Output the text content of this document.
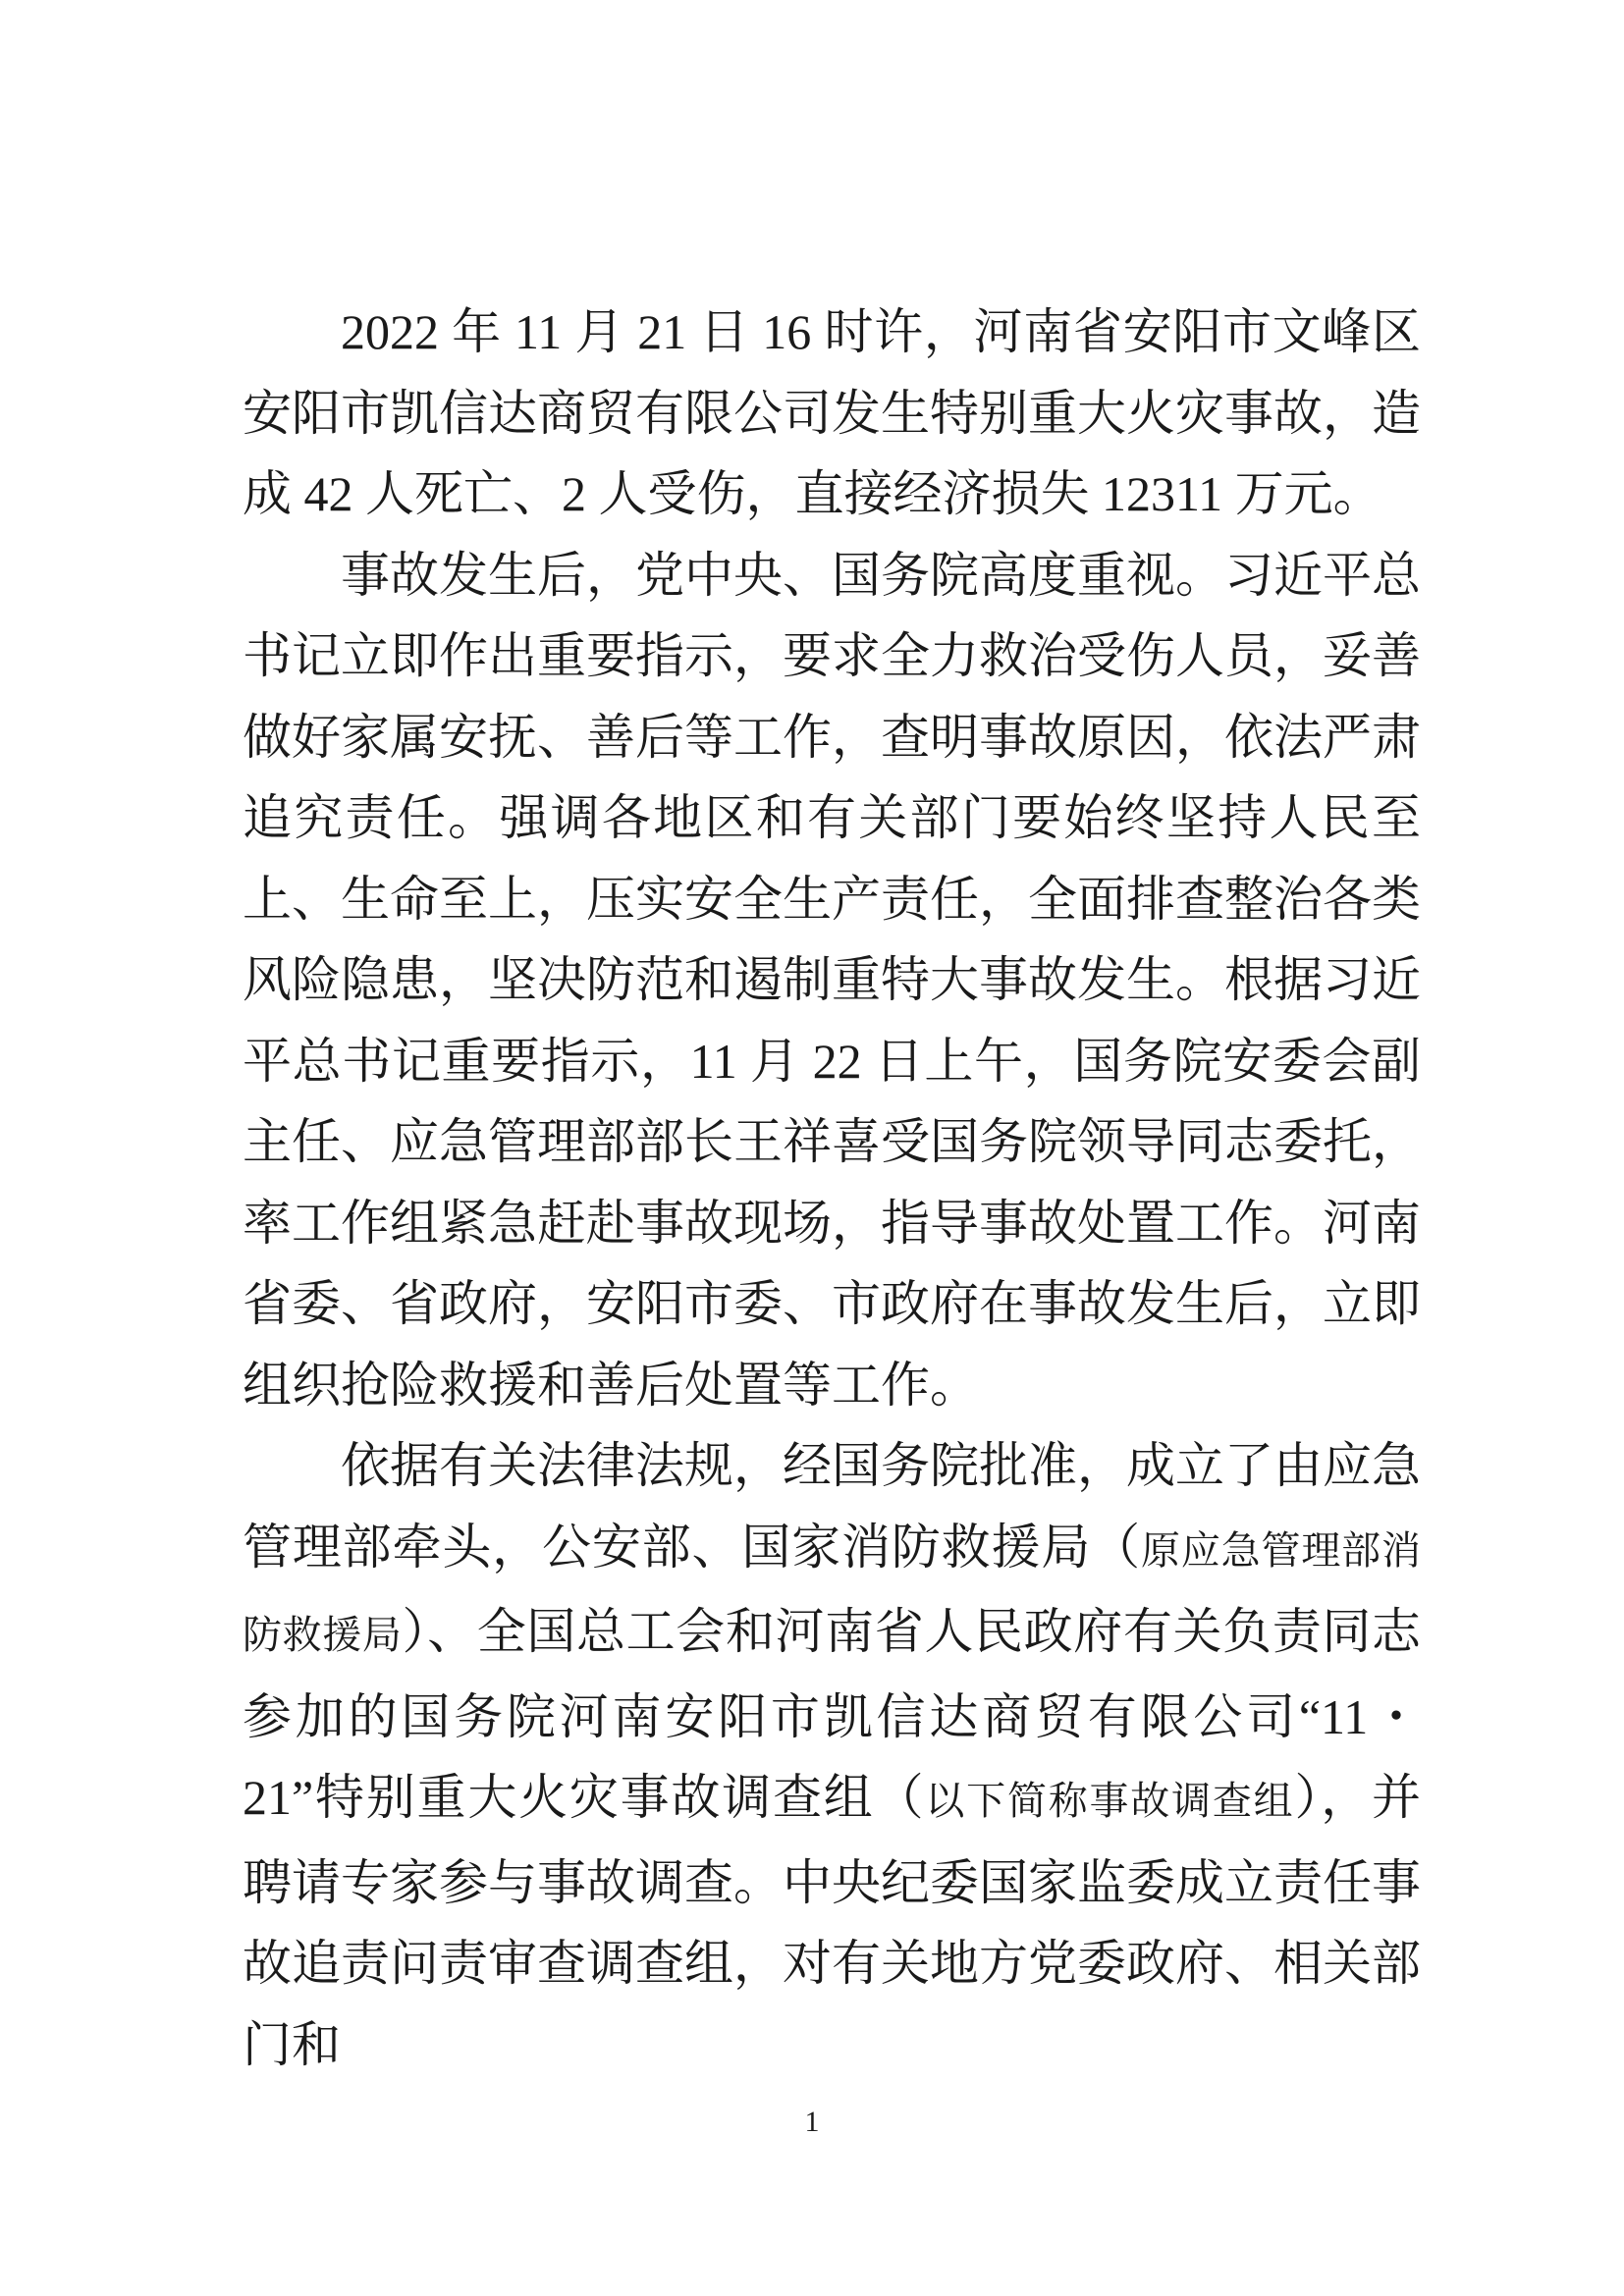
2022 年 11 月 21 日 16 时许，河南省安阳市文峰区安阳市凯信达商贸有限公司发生特别重大火灾事故，造成 42 人死亡、2 人受伤，直接经济损失 12311 万元。

事故发生后，党中央、国务院高度重视。习近平总书记立即作出重要指示，要求全力救治受伤人员，妥善做好家属安抚、善后等工作，查明事故原因，依法严肃追究责任。强调各地区和有关部门要始终坚持人民至上、生命至上，压实安全生产责任，全面排查整治各类风险隐患，坚决防范和遏制重特大事故发生。根据习近平总书记重要指示，11 月 22 日上午，国务院安委会副主任、应急管理部部长王祥喜受国务院领导同志委托，率工作组紧急赶赴事故现场，指导事故处置工作。河南省委、省政府，安阳市委、市政府在事故发生后，立即组织抢险救援和善后处置等工作。

依据有关法律法规，经国务院批准，成立了由应急管理部牵头，公安部、国家消防救援局（原应急管理部消防救援局）、全国总工会和河南省人民政府有关负责同志参加的国务院河南安阳市凯信达商贸有限公司“11・21”特别重大火灾事故调查组（以下简称事故调查组），并聘请专家参与事故调查。中央纪委国家监委成立责任事故追责问责审查调查组，对有关地方党委政府、相关部门和

1
